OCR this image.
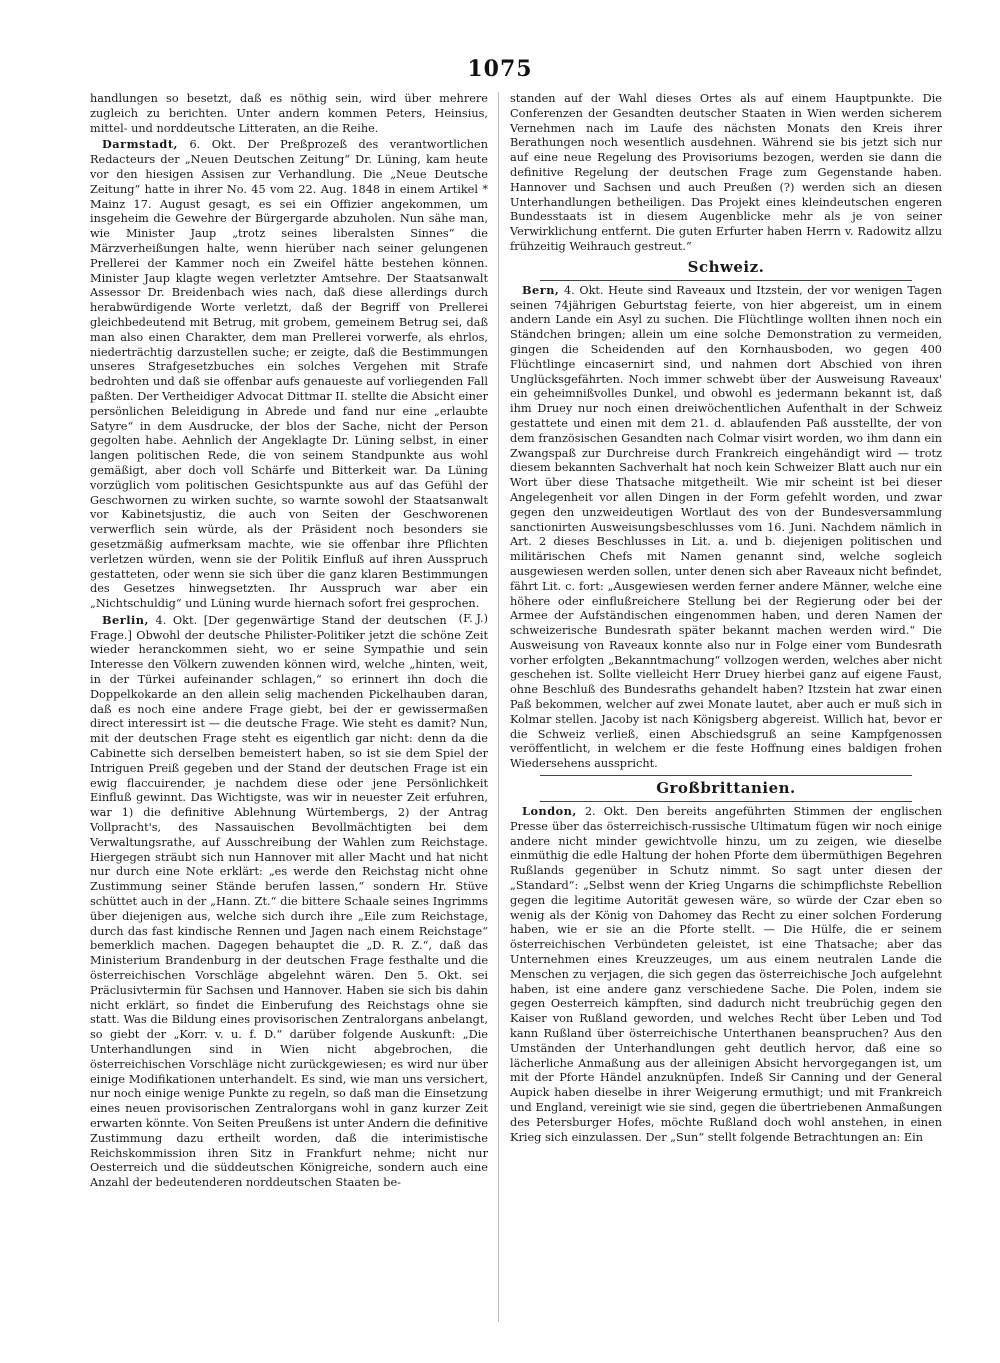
1075

handlungen so besetzt, daß es nöthig sein, wird über mehrere zugleich zu berichten. Unter andern kommen Peters, Heinsius, mittel- und norddeutsche Litteraten, an die Reihe.

Darmstadt, 6. Okt. Der Preßprozeß des verantwortlichen Redacteurs der „Neuen Deutschen Zeitung“ Dr. Lüning, kam heute vor den hiesigen Assisen zur Verhandlung. Die „Neue Deutsche Zeitung“ hatte in ihrer No. 45 vom 22. Aug. 1848 in einem Artikel * Mainz 17. August gesagt, es sei ein Offizier angekommen, um insgeheim die Gewehre der Bürgergarde abzuholen. Nun sähe man, wie Minister Jaup „trotz seines liberalsten Sinnes“ die Märzverheißungen halte, wenn hierüber nach seiner gelungenen Prellerei der Kammer noch ein Zweifel hätte bestehen können. Minister Jaup klagte wegen verletzter Amtsehre. Der Staatsanwalt Assessor Dr. Breidenbach wies nach, daß diese allerdings durch herabwürdigende Worte verletzt, daß der Begriff von Prellerei gleichbedeutend mit Betrug, mit grobem, gemeinem Betrug sei, daß man also einen Charakter, dem man Prellerei vorwerfe, als ehrlos, niederträchtig darzustellen suche; er zeigte, daß die Bestimmungen unseres Strafgesetzbuches ein solches Vergehen mit Strafe bedrohten und daß sie offenbar aufs genaueste auf vorliegenden Fall paßten. Der Vertheidiger Advocat Dittmar II. stellte die Absicht einer persönlichen Beleidigung in Abrede und fand nur eine „erlaubte Satyre“ in dem Ausdrucke, der blos der Sache, nicht der Person gegolten habe. Aehnlich der Angeklagte Dr. Lüning selbst, in einer langen politischen Rede, die von seinem Standpunkte aus wohl gemäßigt, aber doch voll Schärfe und Bitterkeit war. Da Lüning vorzüglich vom politischen Gesichtspunkte aus auf das Gefühl der Geschwornen zu wirken suchte, so warnte sowohl der Staatsanwalt vor Kabinetsjustiz, die auch von Seiten der Geschworenen verwerflich sein würde, als der Präsident noch besonders sie gesetzmäßig aufmerksam machte, wie sie offenbar ihre Pflichten verletzen würden, wenn sie der Politik Einfluß auf ihren Ausspruch gestatteten, oder wenn sie sich über die ganz klaren Bestimmungen des Gesetzes hinwegsetzten. Ihr Ausspruch war aber ein „Nichtschuldig“ und Lüning wurde hiernach sofort frei gesprochen.
(F. J.)

Berlin, 4. Okt. [Der gegenwärtige Stand der deutschen Frage.] Obwohl der deutsche Philister-Politiker jetzt die schöne Zeit wieder heranckommen sieht, wo er seine Sympathie und sein Interesse den Völkern zuwenden können wird, welche „hinten, weit, in der Türkei aufeinander schlagen,“ so erinnert ihn doch die Doppelkokarde an den allein selig machenden Pickelhauben daran, daß es noch eine andere Frage giebt, bei der er gewissermaßen direct interessirt ist — die deutsche Frage. Wie steht es damit? Nun, mit der deutschen Frage steht es eigentlich gar nicht: denn da die Cabinette sich derselben bemeistert haben, so ist sie dem Spiel der Intriguen Preiß gegeben und der Stand der deutschen Frage ist ein ewig flaccuirender, je nachdem diese oder jene Persönlichkeit Einfluß gewinnt. Das Wichtigste, was wir in neuester Zeit erfuhren, war 1) die definitive Ablehnung Würtembergs, 2) der Antrag Vollpracht's, des Nassauischen Bevollmächtigten bei dem Verwaltungsrathe, auf Ausschreibung der Wahlen zum Reichstage. Hiergegen sträubt sich nun Hannover mit aller Macht und hat nicht nur durch eine Note erklärt: „es werde den Reichstag nicht ohne Zustimmung seiner Stände berufen lassen,“ sondern Hr. Stüve schüttet auch in der „Hann. Zt.“ die bittere Schaale seines Ingrimms über diejenigen aus, welche sich durch ihre „Eile zum Reichstage, durch das fast kindische Rennen und Jagen nach einem Reichstage“ bemerklich machen. Dagegen behauptet die „D. R. Z.“, daß das Ministerium Brandenburg in der deutschen Frage festhalte und die österreichischen Vorschläge abgelehnt wären. Den 5. Okt. sei Präclusivtermin für Sachsen und Hannover. Haben sie sich bis dahin nicht erklärt, so findet die Einberufung des Reichstags ohne sie statt. Was die Bildung eines provisorischen Zentralorgans anbelangt, so giebt der „Korr. v. u. f. D.“ darüber folgende Auskunft: „Die Unterhandlungen sind in Wien nicht abgebrochen, die österreichischen Vorschläge nicht zurückgewiesen; es wird nur über einige Modifikationen unterhandelt. Es sind, wie man uns versichert, nur noch einige wenige Punkte zu regeln, so daß man die Einsetzung eines neuen provisorischen Zentralorgans wohl in ganz kurzer Zeit erwarten könnte. Von Seiten Preußens ist unter Andern die definitive Zustimmung dazu ertheilt worden, daß die interimistische Reichskommission ihren Sitz in Frankfurt nehme; nicht nur Oesterreich und die süddeutschen Königreiche, sondern auch eine Anzahl der bedeutenderen norddeutschen Staaten be-

standen auf der Wahl dieses Ortes als auf einem Hauptpunkte. Die Conferenzen der Gesandten deutscher Staaten in Wien werden sicherem Vernehmen nach im Laufe des nächsten Monats den Kreis ihrer Berathungen noch wesentlich ausdehnen. Während sie bis jetzt sich nur auf eine neue Regelung des Provisoriums bezogen, werden sie dann die definitive Regelung der deutschen Frage zum Gegenstande haben. Hannover und Sachsen und auch Preußen (?) werden sich an diesen Unterhandlungen betheiligen. Das Projekt eines kleindeutschen engeren Bundesstaats ist in diesem Augenblicke mehr als je von seiner Verwirklichung entfernt. Die guten Erfurter haben Herrn v. Radowitz allzu frühzeitig Weihrauch gestreut.“

Schweiz.

Bern, 4. Okt. Heute sind Raveaux und Itzstein, der vor wenigen Tagen seinen 74jährigen Geburtstag feierte, von hier abgereist, um in einem andern Lande ein Asyl zu suchen. Die Flüchtlinge wollten ihnen noch ein Ständchen bringen; allein um eine solche Demonstration zu vermeiden, gingen die Scheidenden auf den Kornhausboden, wo gegen 400 Flüchtlinge eincasernirt sind, und nahmen dort Abschied von ihren Unglücksgefährten. Noch immer schwebt über der Ausweisung Raveaux' ein geheimnißvolles Dunkel, und obwohl es jedermann bekannt ist, daß ihm Druey nur noch einen dreiwöchentlichen Aufenthalt in der Schweiz gestattete und einen mit dem 21. d. ablaufenden Paß ausstellte, der von dem französischen Gesandten nach Colmar visirt worden, wo ihm dann ein Zwangspaß zur Durchreise durch Frankreich eingehändigt wird — trotz diesem bekannten Sachverhalt hat noch kein Schweizer Blatt auch nur ein Wort über diese Thatsache mitgetheilt. Wie mir scheint ist bei dieser Angelegenheit vor allen Dingen in der Form gefehlt worden, und zwar gegen den unzweideutigen Wortlaut des von der Bundesversammlung sanctionirten Ausweisungsbeschlusses vom 16. Juni. Nachdem nämlich in Art. 2 dieses Beschlusses in Lit. a. und b. diejenigen politischen und militärischen Chefs mit Namen genannt sind, welche sogleich ausgewiesen werden sollen, unter denen sich aber Raveaux nicht befindet, fährt Lit. c. fort: „Ausgewiesen werden ferner andere Männer, welche eine höhere oder einflußreichere Stellung bei der Regierung oder bei der Armee der Aufständischen eingenommen haben, und deren Namen der schweizerische Bundesrath später bekannt machen werden wird.“ Die Ausweisung von Raveaux konnte also nur in Folge einer vom Bundesrath vorher erfolgten „Bekanntmachung“ vollzogen werden, welches aber nicht geschehen ist. Sollte vielleicht Herr Druey hierbei ganz auf eigene Faust, ohne Beschluß des Bundesraths gehandelt haben? Itzstein hat zwar einen Paß bekommen, welcher auf zwei Monate lautet, aber auch er muß sich in Kolmar stellen. Jacoby ist nach Königsberg abgereist. Willich hat, bevor er die Schweiz verließ, einen Abschiedsgruß an seine Kampfgenossen veröffentlicht, in welchem er die feste Hoffnung eines baldigen frohen Wiedersehens ausspricht.

Großbrittanien.

London, 2. Okt. Den bereits angeführten Stimmen der englischen Presse über das österreichisch-russische Ultimatum fügen wir noch einige andere nicht minder gewichtvolle hinzu, um zu zeigen, wie dieselbe einmüthig die edle Haltung der hohen Pforte dem übermüthigen Begehren Rußlands gegenüber in Schutz nimmt. So sagt unter diesen der „Standard“: „Selbst wenn der Krieg Ungarns die schimpflichste Rebellion gegen die legitime Autorität gewesen wäre, so würde der Czar eben so wenig als der König von Dahomey das Recht zu einer solchen Forderung haben, wie er sie an die Pforte stellt. — Die Hülfe, die er seinem österreichischen Verbündeten geleistet, ist eine Thatsache; aber das Unternehmen eines Kreuzzeuges, um aus einem neutralen Lande die Menschen zu verjagen, die sich gegen das österreichische Joch aufgelehnt haben, ist eine andere ganz verschiedene Sache. Die Polen, indem sie gegen Oesterreich kämpften, sind dadurch nicht treubrüchig gegen den Kaiser von Rußland geworden, und welches Recht über Leben und Tod kann Rußland über österreichische Unterthanen beanspruchen? Aus den Umständen der Unterhandlungen geht deutlich hervor, daß eine so lächerliche Anmaßung aus der alleinigen Absicht hervorgegangen ist, um mit der Pforte Händel anzuknüpfen. Indeß Sir Canning und der General Aupick haben dieselbe in ihrer Weigerung ermuthigt; und mit Frankreich und England, vereinigt wie sie sind, gegen die übertriebenen Anmaßungen des Petersburger Hofes, möchte Rußland doch wohl anstehen, in einen Krieg sich einzulassen. Der „Sun“ stellt folgende Betrachtungen an: Ein
